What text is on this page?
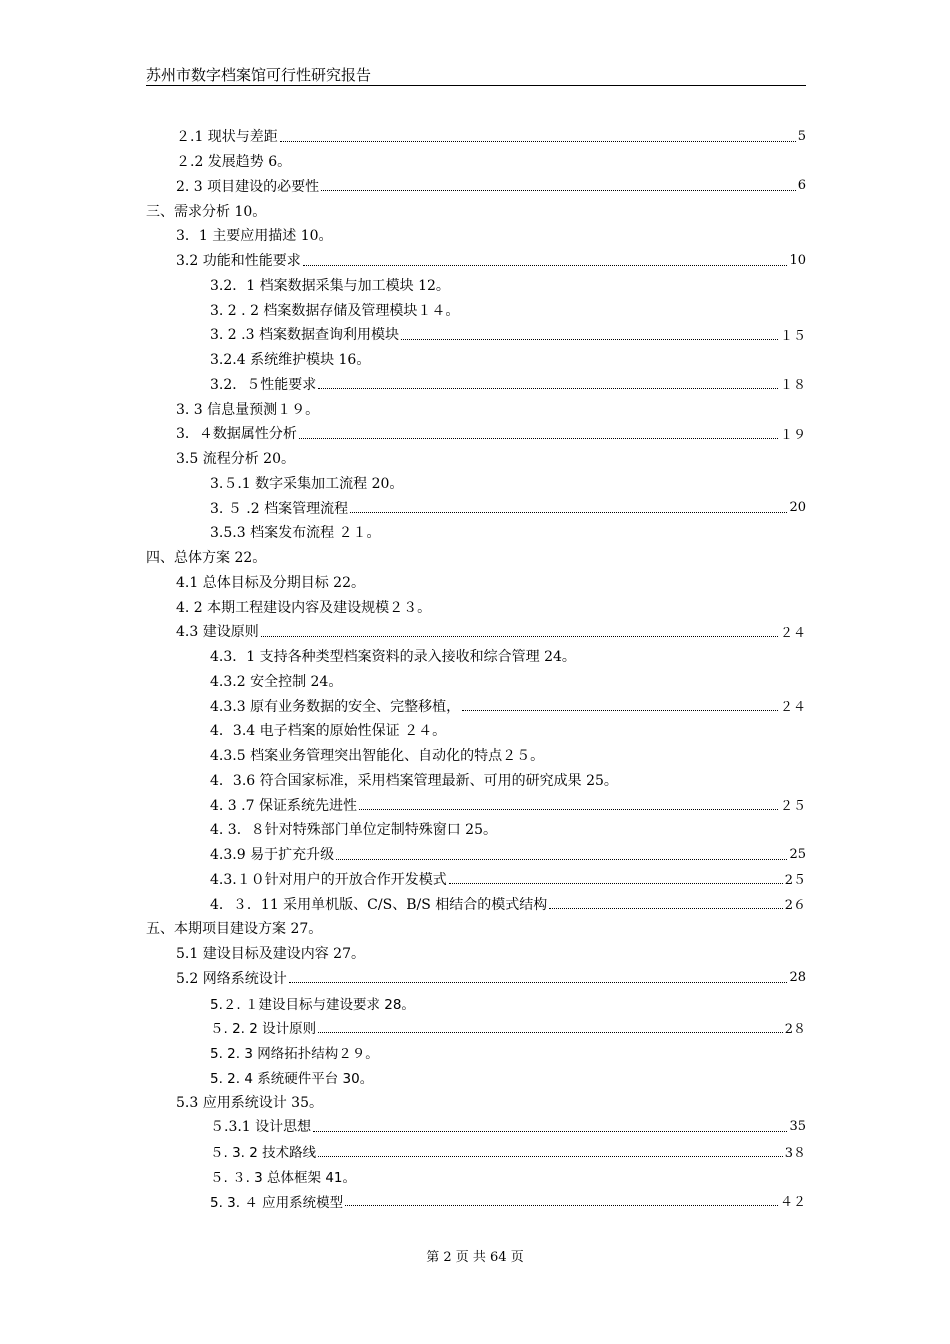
苏州市数字档案馆可行性研究报告
２.1 现状与差距	5
２.2 发展趋势 6。
2. 3 项目建设的必要性	6
三、需求分析 10。
3．1 主要应用描述 10。
3.2 功能和性能要求	10
3.2．1 档案数据采集与加工模块 12。
3. 2 . 2 档案数据存储及管理模块１４。
3. 2 .3 档案数据查询利用模块	１５
3.2.4 系统维护模块 16。
3.2．５性能要求	１８
3. 3 信息量预测１９。
3．４数据属性分析	１９
3.5 流程分析 20。
3.５.1 数字采集加工流程 20。
3. ５ .2 档案管理流程	20
3.5.3 档案发布流程 ２１。
四、总体方案 22。
4.1 总体目标及分期目标 22。
4. 2 本期工程建设内容及建设规模２３。
4.3 建设原则	２４
4.3．1 支持各种类型档案资料的录入接收和综合管理 24。
4.3.2 安全控制 24。
4.3.3 原有业务数据的安全、完整移植，	２４
4．3.4 电子档案的原始性保证 ２４。
4.3.5 档案业务管理突出智能化、自动化的特点２５。
4．3.6 符合国家标准，采用档案管理最新、可用的研究成果 25。
4. 3 .7 保证系统先进性	２５
4. 3．８针对特殊部门单位定制特殊窗口 25。
4.3.9 易于扩充升级	25
4.3.１０针对用户的开放合作开发模式	2５
4．３．11 采用单机版、C/S、B/S 相结合的模式结构	2６
五、本期项目建设方案 27。
5.1 建设目标及建设内容 27。
5.2 网络系统设计	28
5.２. １建设目标与建设要求 28。
５. 2. 2 设计原则	2８
5. 2. 3 网络拓扑结构２９。
5. 2. 4 系统硬件平台 30。
5.3 应用系统设计 35。
５.3.1 设计思想	35
５. 3. 2 技术路线	3８
５. ３. 3 总体框架 41。
5. 3. ４ 应用系统模型	４２
第 2 页 共 64 页
